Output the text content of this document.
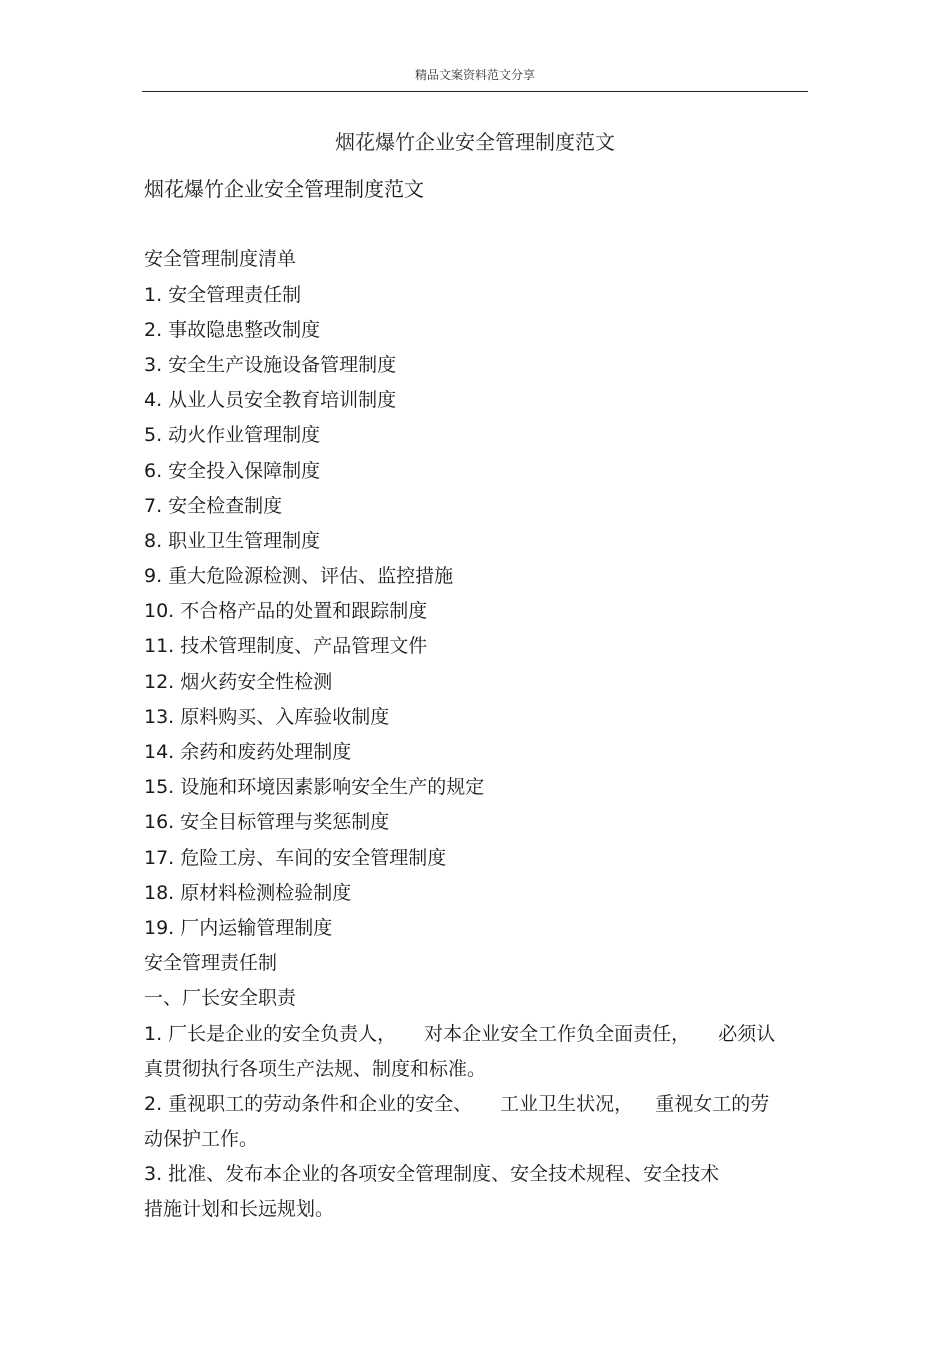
精品文案资料范文分享
烟花爆竹企业安全管理制度范文
烟花爆竹企业安全管理制度范文
安全管理制度清单
1. 安全管理责任制
2. 事故隐患整改制度
3. 安全生产设施设备管理制度
4. 从业人员安全教育培训制度
5. 动火作业管理制度
6. 安全投入保障制度
7. 安全检查制度
8. 职业卫生管理制度
9. 重大危险源检测、评估、监控措施
10. 不合格产品的处置和跟踪制度
11. 技术管理制度、产品管理文件
12. 烟火药安全性检测
13. 原料购买、入库验收制度
14. 余药和废药处理制度
15. 设施和环境因素影响安全生产的规定
16. 安全目标管理与奖惩制度
17. 危险工房、车间的安全管理制度
18. 原材料检测检验制度
19. 厂内运输管理制度
安全管理责任制
一、厂长安全职责
1. 厂长是企业的安全负责人， 对本企业安全工作负全面责任， 必须认
真贯彻执行各项生产法规、制度和标准。
2. 重视职工的劳动条件和企业的安全、 工业卫生状况， 重视女工的劳
动保护工作。
3. 批准、发布本企业的各项安全管理制度、安全技术规程、安全技术
措施计划和长远规划。
